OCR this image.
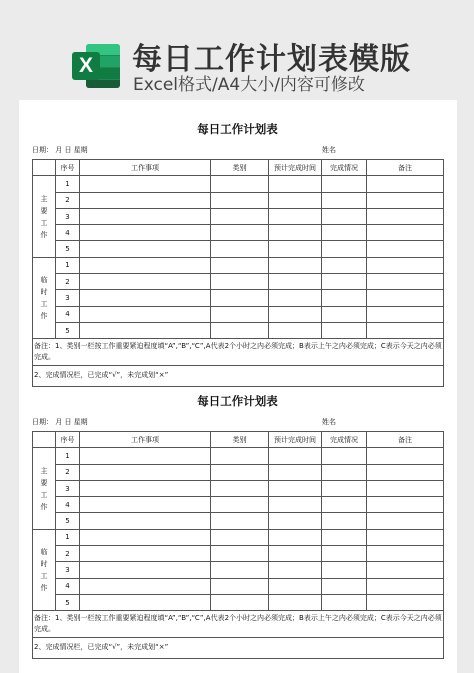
X 每日工作计划表模版
Excel格式/A4大小/内容可修改
每日工作计划表
日期： 月 日 星期	姓名
	序号	工作事项	类别	预计完成时间	完成情况	备注
主
要
工
作	1					
	2					
	3					
	4					
	5					
临
时
工
作	1					
	2					
	3					
	4					
	5					
备注：1、类别一栏按工作重要紧迫程度填“A”,“B”,“C”,A代表2个小时之内必须完成；B表示上午之内必须完成；C表示今天之内必须完成。						
2、完成情况栏，已完成“√”，未完成划“×”						
每日工作计划表
日期： 月 日 星期	姓名
	序号	工作事项	类别	预计完成时间	完成情况	备注
主
要
工
作	1					
	2					
	3					
	4					
	5					
临
时
工
作	1					
	2					
	3					
	4					
	5					
备注：1、类别一栏按工作重要紧迫程度填“A”,“B”,“C”,A代表2个小时之内必须完成；B表示上午之内必须完成；C表示今天之内必须完成。						
2、完成情况栏，已完成“√”，未完成划“×”						
